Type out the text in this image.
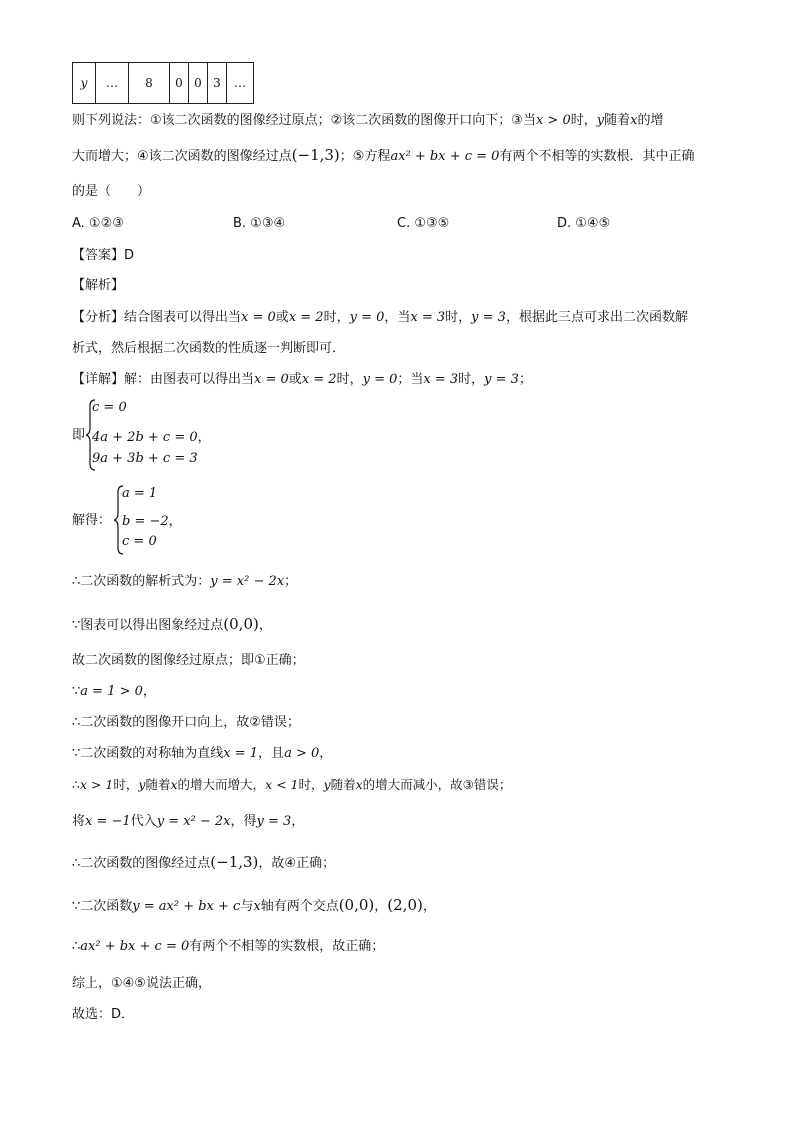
y	…	8	0	0	3	…
则下列说法：①该二次函数的图像经过原点；②该二次函数的图像开口向下；③当x > 0时，y随着x的增
大而增大；④该二次函数的图像经过点(−1,3)；⑤方程ax² + bx + c = 0有两个不相等的实数根．其中正确
的是（　　）
A. ①②③	B. ①③④	C. ①③⑤	D. ①④⑤
【答案】D
【解析】
【分析】结合图表可以得出当x = 0或x = 2时，y = 0，当x = 3时，y = 3，根据此三点可求出二次函数解
析式，然后根据二次函数的性质逐一判断即可．
【详解】解：由图表可以得出当x = 0或x = 2时，y = 0；当x = 3时，y = 3；
即
c = 0
4a + 2b + c = 0，
9a + 3b + c = 3
解得：
a = 1
b = −2，
c = 0
∴二次函数的解析式为：y = x² − 2x；
∵图表可以得出图象经过点(0,0)，
故二次函数的图像经过原点；即①正确；
∵a = 1 > 0，
∴二次函数的图像开口向上，故②错误；
∵二次函数的对称轴为直线x = 1，且a > 0，
∴x > 1时，y随着x的增大而增大，x < 1时，y随着x的增大而减小，故③错误；
将x = −1代入y = x² − 2x，得y = 3，
∴二次函数的图像经过点(−1,3)，故④正确；
∵二次函数y = ax² + bx + c与x轴有两个交点(0,0)，(2,0)，
∴ax² + bx + c = 0有两个不相等的实数根，故正确；
综上，①④⑤说法正确，
故选：D．
